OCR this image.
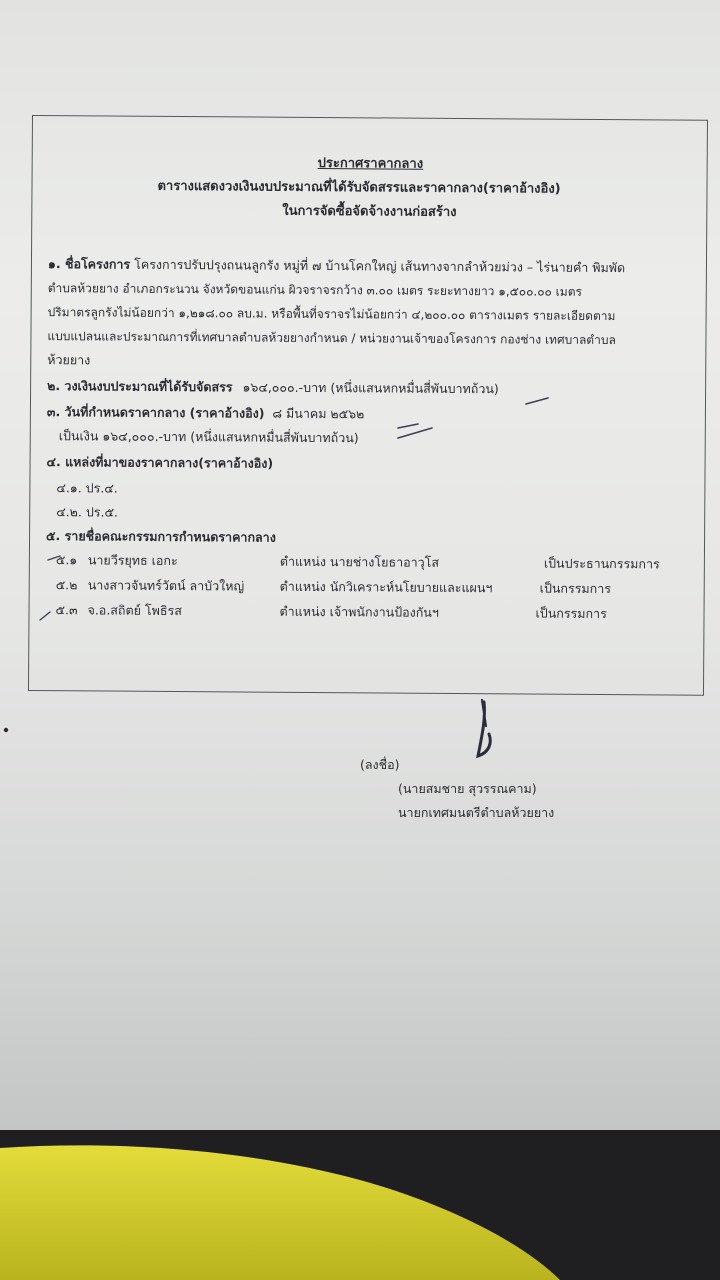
ประกาศราคากลาง
ตารางแสดงวงเงินงบประมาณที่ได้รับจัดสรรและราคากลาง(ราคาอ้างอิง)
ในการจัดซื้อจัดจ้างงานก่อสร้าง
๑. ชื่อโครงการ โครงการปรับปรุงถนนลูกรัง หมู่ที่ ๗ บ้านโคกใหญ่ เส้นทางจากลำห้วยม่วง – ไร่นายคำ พิมพัด
ตำบลห้วยยาง อำเภอกระนวน จังหวัดขอนแก่น ผิวจราจรกว้าง ๓.๐๐ เมตร ระยะทางยาว ๑,๕๐๐.๐๐ เมตร
ปริมาตรลูกรังไม่น้อยกว่า ๑,๒๑๘.๐๐ ลบ.ม. หรือพื้นที่จราจรไม่น้อยกว่า ๔,๒๐๐.๐๐ ตารางเมตร รายละเอียดตาม
แบบแปลนและประมาณการที่เทศบาลตำบลห้วยยางกำหนด / หน่วยงานเจ้าของโครงการ กองช่าง เทศบาลตำบล
ห้วยยาง
๒. วงเงินงบประมาณที่ได้รับจัดสรร ๑๖๔,๐๐๐.-บาท (หนึ่งแสนหกหมื่นสี่พันบาทถ้วน)
๓. วันที่กำหนดราคากลาง (ราคาอ้างอิง) ๘ มีนาคม ๒๕๖๒
เป็นเงิน ๑๖๔,๐๐๐.-บาท (หนึ่งแสนหกหมื่นสี่พันบาทถ้วน)
๔. แหล่งที่มาของราคากลาง(ราคาอ้างอิง)
๔.๑. ปร.๔.
๔.๒. ปร.๕.
๕. รายชื่อคณะกรรมการกำหนดราคากลาง
๕.๑ นายวีรยุทธ เอกะ	ตำแหน่ง นายช่างโยธาอาวุโส	เป็นประธานกรรมการ
๕.๒ นางสาวจันทร์วัตน์ ลาบัวใหญ่	ตำแหน่ง นักวิเคราะห์นโยบายและแผนฯ	เป็นกรรมการ
๕.๓ จ.อ.สถิตย์ โพธิรส	ตำแหน่ง เจ้าพนักงานป้องกันฯ	เป็นกรรมการ
(ลงชื่อ)
(นายสมชาย สุวรรณคาม)
นายกเทศมนตรีตำบลห้วยยาง
